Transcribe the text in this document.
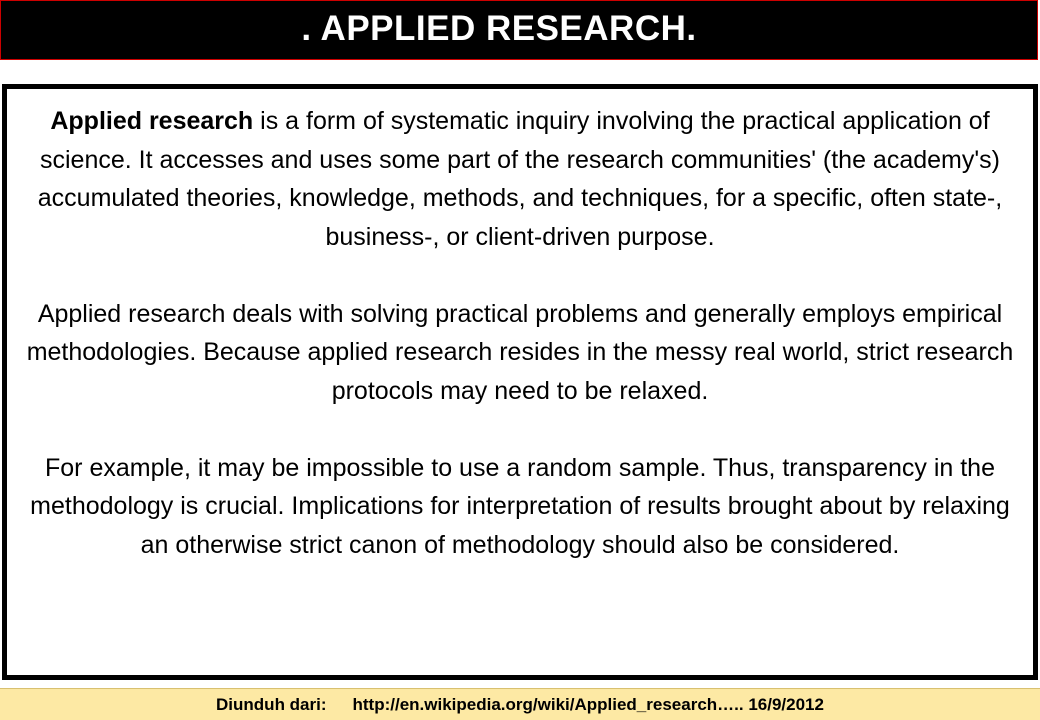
. APPLIED RESEARCH.

Applied research is a form of systematic inquiry involving the practical application of science. It accesses and uses some part of the research communities' (the academy's) accumulated theories, knowledge, methods, and techniques, for a specific, often state-, business-, or client-driven purpose.

Applied research deals with solving practical problems and generally employs empirical methodologies. Because applied research resides in the messy real world, strict research protocols may need to be relaxed.

For example, it may be impossible to use a random sample. Thus, transparency in the methodology is crucial. Implications for interpretation of results brought about by relaxing an otherwise strict canon of methodology should also be considered.

Diunduh dari: http://en.wikipedia.org/wiki/Applied_research….. 16/9/2012
